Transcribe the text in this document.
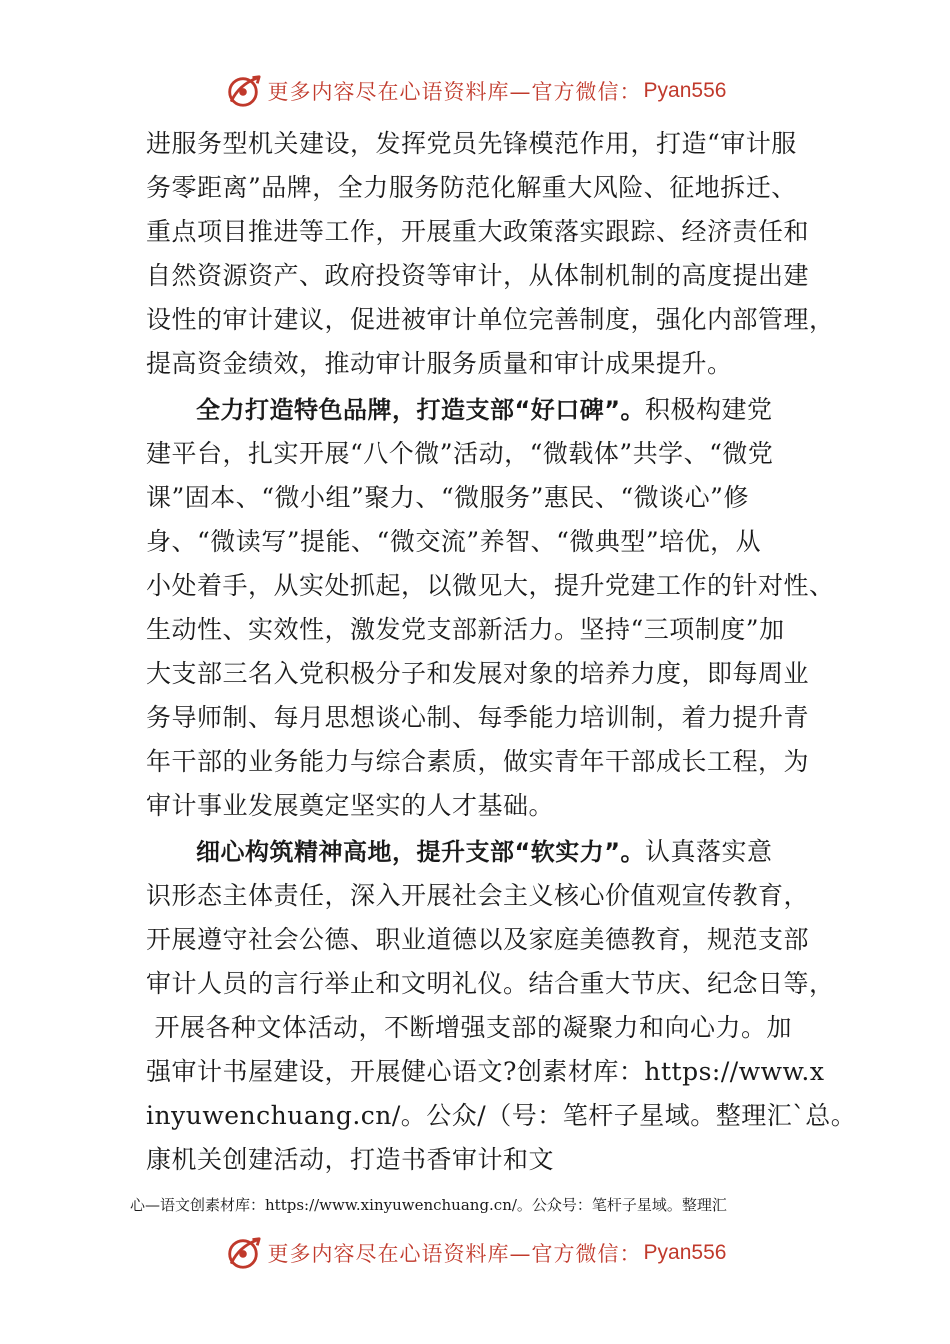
更多内容尽在心语资料库—官方微信： Pyan556
进服务型机关建设，发挥党员先锋模范作用，打造“审计服
务零距离”品牌，全力服务防范化解重大风险、征地拆迁、
重点项目推进等工作，开展重大政策落实跟踪、经济责任和
自然资源资产、政府投资等审计，从体制机制的高度提出建
设性的审计建议，促进被审计单位完善制度，强化内部管理，
提高资金绩效，推动审计服务质量和审计成果提升。
全力打造特色品牌，打造支部“好口碑”。积极构建党
建平台，扎实开展“八个微”活动，“微载体”共学、“微党
课”固本、“微小组”聚力、“微服务”惠民、“微谈心”修
身、“微读写”提能、“微交流”养智、“微典型”培优，从
小处着手，从实处抓起，以微见大，提升党建工作的针对性、
生动性、实效性，激发党支部新活力。坚持“三项制度”加
大支部三名入党积极分子和发展对象的培养力度，即每周业
务导师制、每月思想谈心制、每季能力培训制，着力提升青
年干部的业务能力与综合素质，做实青年干部成长工程，为
审计事业发展奠定坚实的人才基础。
细心构筑精神高地，提升支部“软实力”。认真落实意
识形态主体责任，深入开展社会主义核心价值观宣传教育，
开展遵守社会公德、职业道德以及家庭美德教育，规范支部
审计人员的言行举止和文明礼仪。结合重大节庆、纪念日等，
开展各种文体活动，不断增强支部的凝聚力和向心力。加
强审计书屋建设，开展健心语文?创素材库：https://www.x
inyuwenchuang.cn/。公众/（号：笔杆子星域。整理汇`总。
康机关创建活动，打造书香审计和文
心—语文创素材库：https://www.xinyuwenchuang.cn/。公众号：笔杆子星域。整理汇
更多内容尽在心语资料库—官方微信： Pyan556
